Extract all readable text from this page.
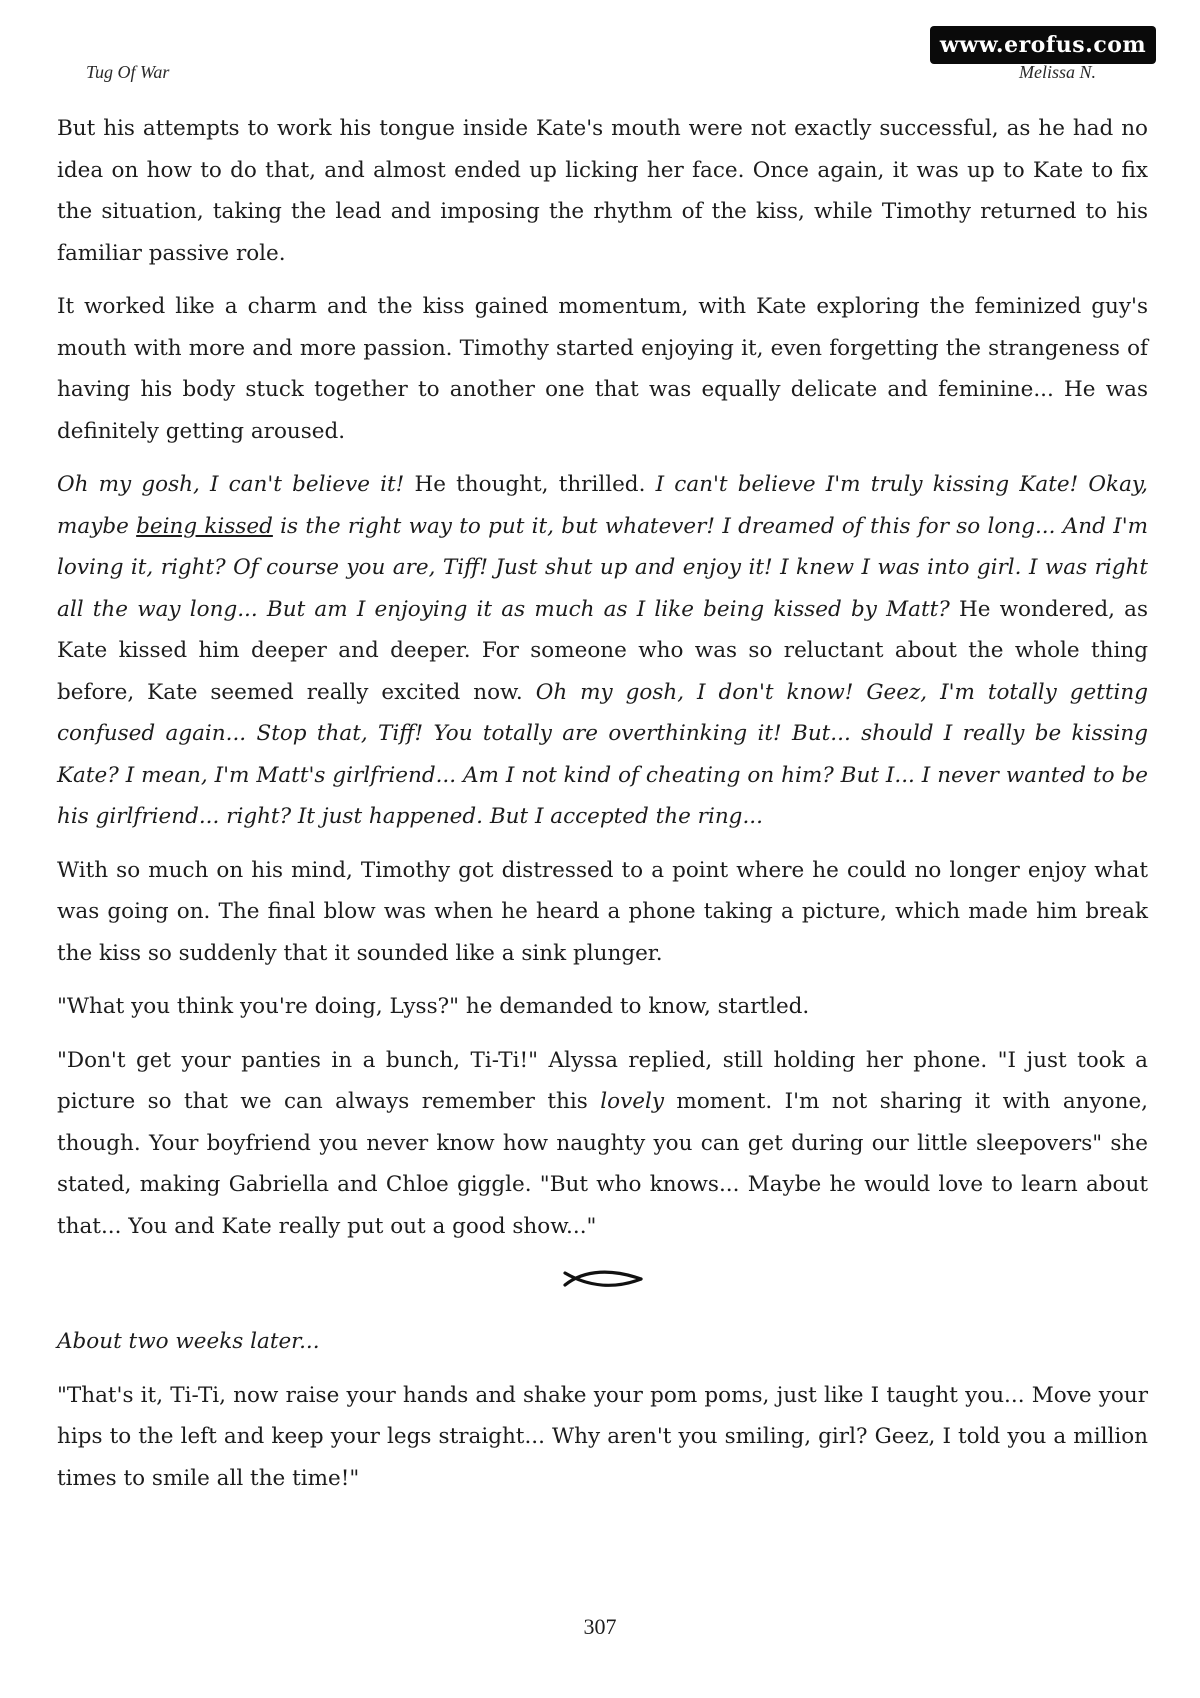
www.erofus.com
Tug Of War	Melissa N.

But his attempts to work his tongue inside Kate's mouth were not exactly successful, as he had no idea on how to do that, and almost ended up licking her face. Once again, it was up to Kate to fix the situation, taking the lead and imposing the rhythm of the kiss, while Timothy returned to his familiar passive role.

It worked like a charm and the kiss gained momentum, with Kate exploring the feminized guy's mouth with more and more passion. Timothy started enjoying it, even forgetting the strangeness of having his body stuck together to another one that was equally delicate and feminine... He was definitely getting aroused.

Oh my gosh, I can't believe it! He thought, thrilled. I can't believe I'm truly kissing Kate! Okay, maybe being kissed is the right way to put it, but whatever! I dreamed of this for so long... And I'm loving it, right? Of course you are, Tiff! Just shut up and enjoy it! I knew I was into girl. I was right all the way long... But am I enjoying it as much as I like being kissed by Matt? He wondered, as Kate kissed him deeper and deeper. For someone who was so reluctant about the whole thing before, Kate seemed really excited now. Oh my gosh, I don't know! Geez, I'm totally getting confused again... Stop that, Tiff! You totally are overthinking it! But... should I really be kissing Kate? I mean, I'm Matt's girlfriend... Am I not kind of cheating on him? But I... I never wanted to be his girlfriend... right? It just happened. But I accepted the ring...

With so much on his mind, Timothy got distressed to a point where he could no longer enjoy what was going on. The final blow was when he heard a phone taking a picture, which made him break the kiss so suddenly that it sounded like a sink plunger.

"What you think you're doing, Lyss?" he demanded to know, startled.

"Don't get your panties in a bunch, Ti-Ti!" Alyssa replied, still holding her phone. "I just took a picture so that we can always remember this lovely moment. I'm not sharing it with anyone, though. Your boyfriend you never know how naughty you can get during our little sleepovers" she stated, making Gabriella and Chloe giggle. "But who knows... Maybe he would love to learn about that... You and Kate really put out a good show..."

About two weeks later...

"That's it, Ti-Ti, now raise your hands and shake your pom poms, just like I taught you... Move your hips to the left and keep your legs straight... Why aren't you smiling, girl? Geez, I told you a million times to smile all the time!"

307
